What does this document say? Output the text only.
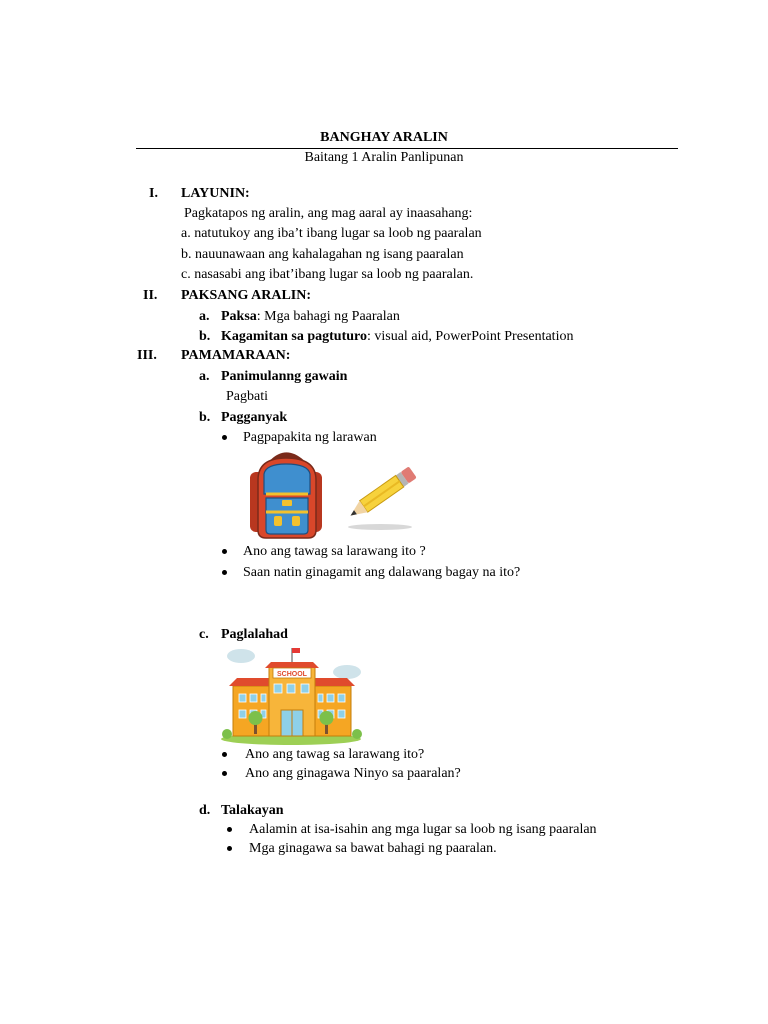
BANGHAY ARALIN
Baitang 1 Aralin Panlipunan
I. LAYUNIN:
Pagkatapos ng aralin, ang mag aaral ay inaasahang:
a. natutukoy ang iba’t ibang lugar sa loob ng paaralan
b. nauunawaan ang kahalagahan ng isang paaralan
c. nasasabi ang ibat’ibang lugar sa loob ng paaralan.
II. PAKSANG ARALIN:
a. Paksa: Mga bahagi ng Paaralan
b. Kagamitan sa pagtuturo: visual aid, PowerPoint Presentation
III. PAMAMARAAN:
a. Panimulanng gawain
Pagbati
b. Pagganyak
Pagpapakita ng larawan
Ano ang tawag sa larawang ito ?
Saan natin ginagamit ang dalawang bagay na ito?
c. Paglalahad
SCHOOL
Ano ang tawag sa larawang ito?
Ano ang ginagawa Ninyo sa paaralan?
d. Talakayan
Aalamin at isa-isahin ang mga lugar sa loob ng isang paaralan
Mga ginagawa sa bawat bahagi ng paaralan.
